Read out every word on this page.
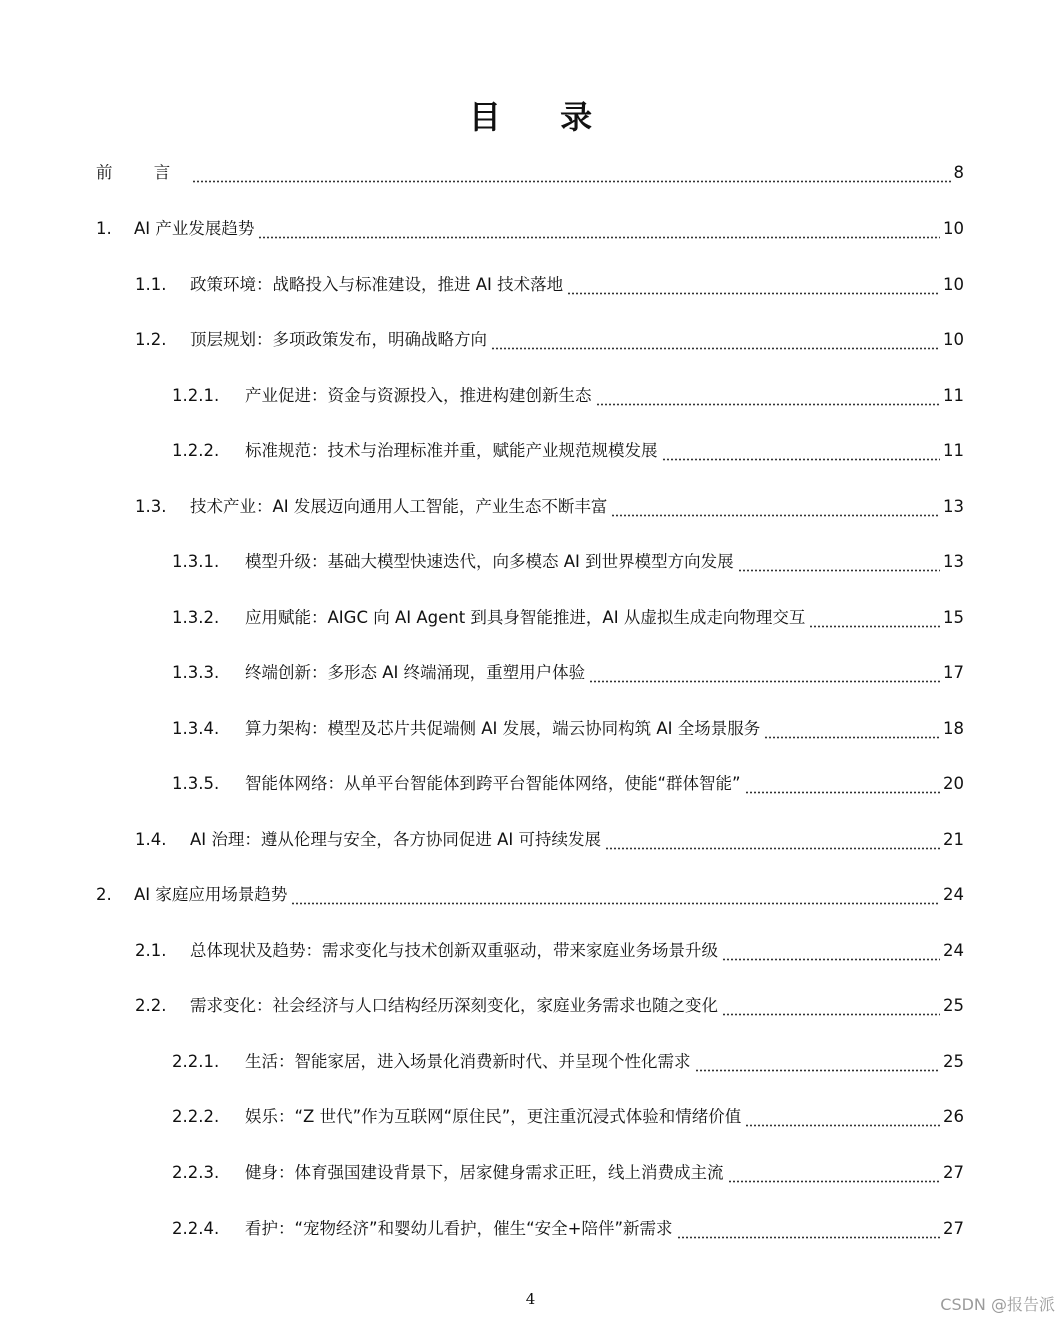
目 录
前 言	8
1.	AI 产业发展趋势	10
1.1.	政策环境：战略投入与标准建设，推进 AI 技术落地	10
1.2.	顶层规划：多项政策发布，明确战略方向	10
1.2.1.	产业促进：资金与资源投入，推进构建创新生态	11
1.2.2.	标准规范：技术与治理标准并重，赋能产业规范规模发展	11
1.3.	技术产业：AI 发展迈向通用人工智能，产业生态不断丰富	13
1.3.1.	模型升级：基础大模型快速迭代，向多模态 AI 到世界模型方向发展	13
1.3.2.	应用赋能：AIGC 向 AI Agent 到具身智能推进，AI 从虚拟生成走向物理交互	15
1.3.3.	终端创新：多形态 AI 终端涌现，重塑用户体验	17
1.3.4.	算力架构：模型及芯片共促端侧 AI 发展，端云协同构筑 AI 全场景服务	18
1.3.5.	智能体网络：从单平台智能体到跨平台智能体网络，使能“群体智能”	20
1.4.	AI 治理：遵从伦理与安全，各方协同促进 AI 可持续发展	21
2.	AI 家庭应用场景趋势	24
2.1.	总体现状及趋势：需求变化与技术创新双重驱动，带来家庭业务场景升级	24
2.2.	需求变化：社会经济与人口结构经历深刻变化，家庭业务需求也随之变化	25
2.2.1.	生活：智能家居，进入场景化消费新时代、并呈现个性化需求	25
2.2.2.	娱乐：“Z 世代”作为互联网“原住民”，更注重沉浸式体验和情绪价值	26
2.2.3.	健身：体育强国建设背景下，居家健身需求正旺，线上消费成主流	27
2.2.4.	看护：“宠物经济”和婴幼儿看护，催生“安全+陪伴”新需求	27

4	CSDN @报告派
